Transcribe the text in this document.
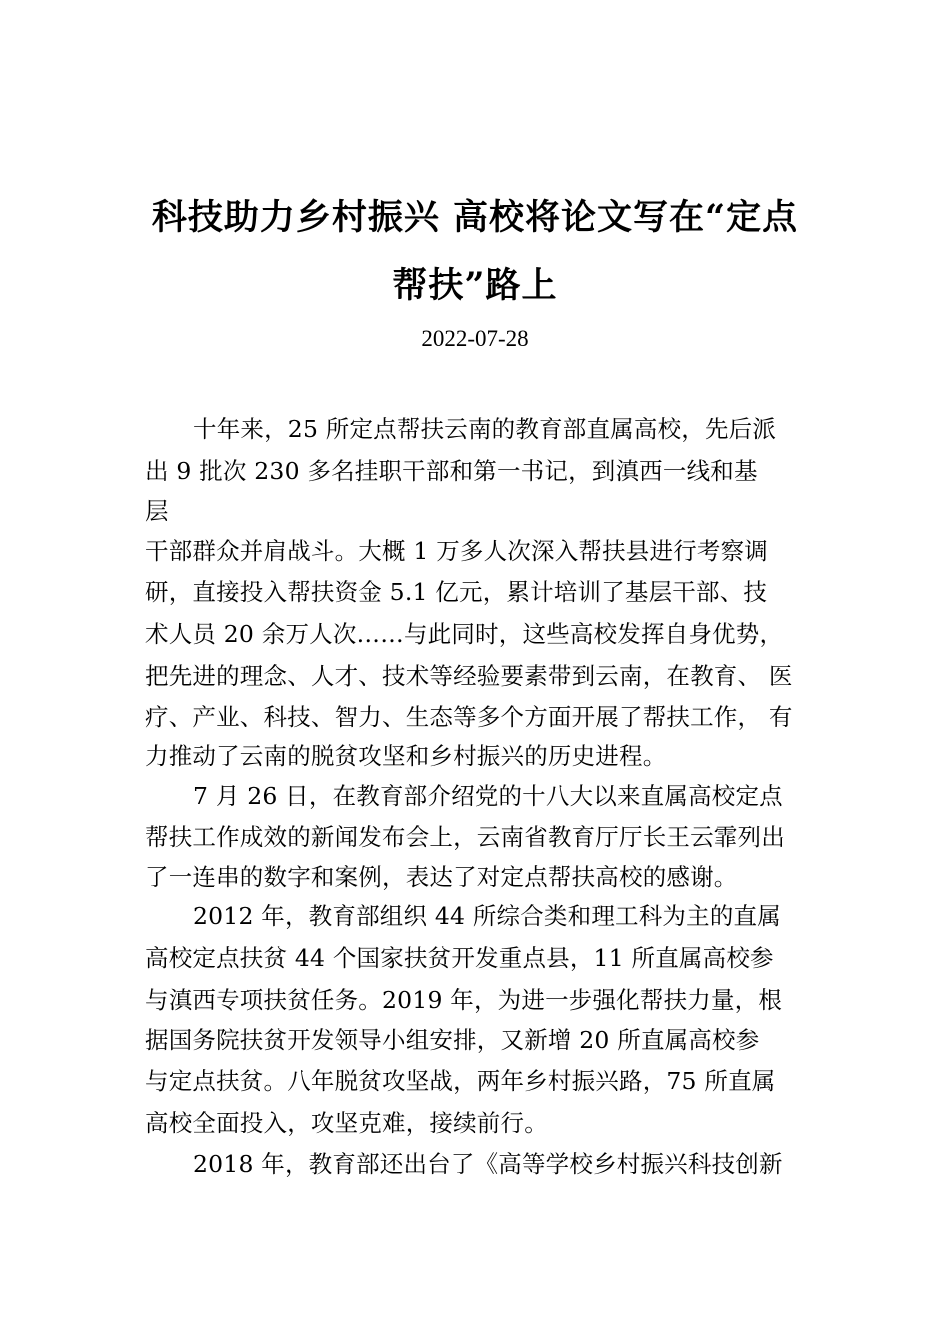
科技助力乡村振兴 高校将论文写在“定点
帮扶”路上
2022-07-28
十年来，25 所定点帮扶云南的教育部直属高校，先后派
出 9 批次 230 多名挂职干部和第一书记，到滇西一线和基
层
干部群众并肩战斗。大概 1 万多人次深入帮扶县进行考察调
研，直接投入帮扶资金 5.1 亿元，累计培训了基层干部、技
术人员 20 余万人次……与此同时，这些高校发挥自身优势，
把先进的理念、人才、技术等经验要素带到云南，在教育、 医
疗、产业、科技、智力、生态等多个方面开展了帮扶工作， 有
力推动了云南的脱贫攻坚和乡村振兴的历史进程。
7 月 26 日，在教育部介绍党的十八大以来直属高校定点
帮扶工作成效的新闻发布会上，云南省教育厅厅长王云霏列出
了一连串的数字和案例，表达了对定点帮扶高校的感谢。
2012 年，教育部组织 44 所综合类和理工科为主的直属
高校定点扶贫 44 个国家扶贫开发重点县，11 所直属高校参
与滇西专项扶贫任务。2019 年，为进一步强化帮扶力量，根
据国务院扶贫开发领导小组安排，又新增 20 所直属高校参
与定点扶贫。八年脱贫攻坚战，两年乡村振兴路，75 所直属
高校全面投入，攻坚克难，接续前行。
2018 年，教育部还出台了《高等学校乡村振兴科技创新
